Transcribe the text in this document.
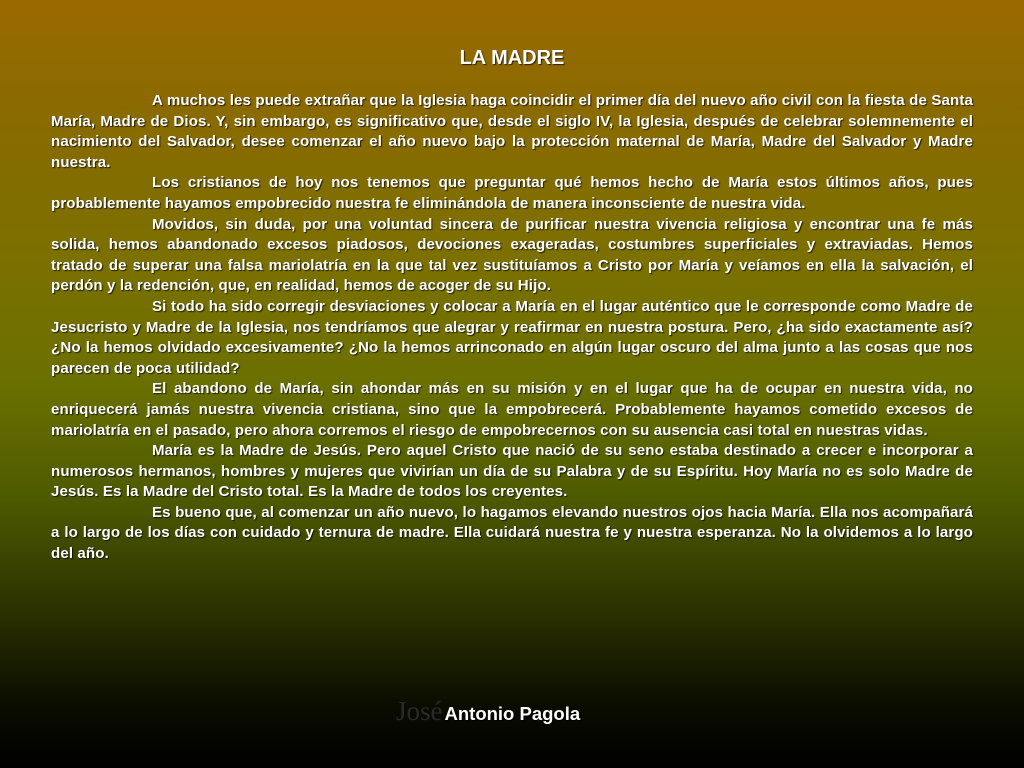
LA MADRE

A muchos les puede extrañar que la Iglesia haga coincidir el primer día del nuevo año civil con la fiesta de Santa María, Madre de Dios. Y, sin embargo, es significativo que, desde el siglo IV, la Iglesia, después de celebrar solemnemente el nacimiento del Salvador, desee comenzar el año nuevo bajo la protección maternal de María, Madre del Salvador y Madre nuestra.

Los cristianos de hoy nos tenemos que preguntar qué hemos hecho de María estos últimos años, pues probablemente hayamos empobrecido nuestra fe eliminándola de manera inconsciente de nuestra vida.

Movidos, sin duda, por una voluntad sincera de purificar nuestra vivencia religiosa y encontrar una fe más solida, hemos abandonado excesos piadosos, devociones exageradas, costumbres superficiales y extraviadas. Hemos tratado de superar una falsa mariolatría en la que tal vez sustituíamos a Cristo por María y veíamos en ella la salvación, el perdón y la redención, que, en realidad, hemos de acoger de su Hijo.

Si todo ha sido corregir desviaciones y colocar a María en el lugar auténtico que le corresponde como Madre de Jesucristo y Madre de la Iglesia, nos tendríamos que alegrar y reafirmar en nuestra postura. Pero, ¿ha sido exactamente así? ¿No la hemos olvidado excesivamente? ¿No la hemos arrinconado en algún lugar oscuro del alma junto a las cosas que nos parecen de poca utilidad?

El abandono de María, sin ahondar más en su misión y en el lugar que ha de ocupar en nuestra vida, no enriquecerá jamás nuestra vivencia cristiana, sino que la empobrecerá. Probablemente hayamos cometido excesos de mariolatría en el pasado, pero ahora corremos el riesgo de empobrecernos con su ausencia casi total en nuestras vidas.

María es la Madre de Jesús. Pero aquel Cristo que nació de su seno estaba destinado a crecer e incorporar a numerosos hermanos, hombres y mujeres que vivirían un día de su Palabra y de su Espíritu. Hoy María no es solo Madre de Jesús. Es la Madre del Cristo total. Es la Madre de todos los creyentes.

Es bueno que, al comenzar un año nuevo, lo hagamos elevando nuestros ojos hacia María. Ella nos acompañará a lo largo de los días con cuidado y ternura de madre. Ella cuidará nuestra fe y nuestra esperanza. No la olvidemos a lo largo del año.

José Antonio Pagola
